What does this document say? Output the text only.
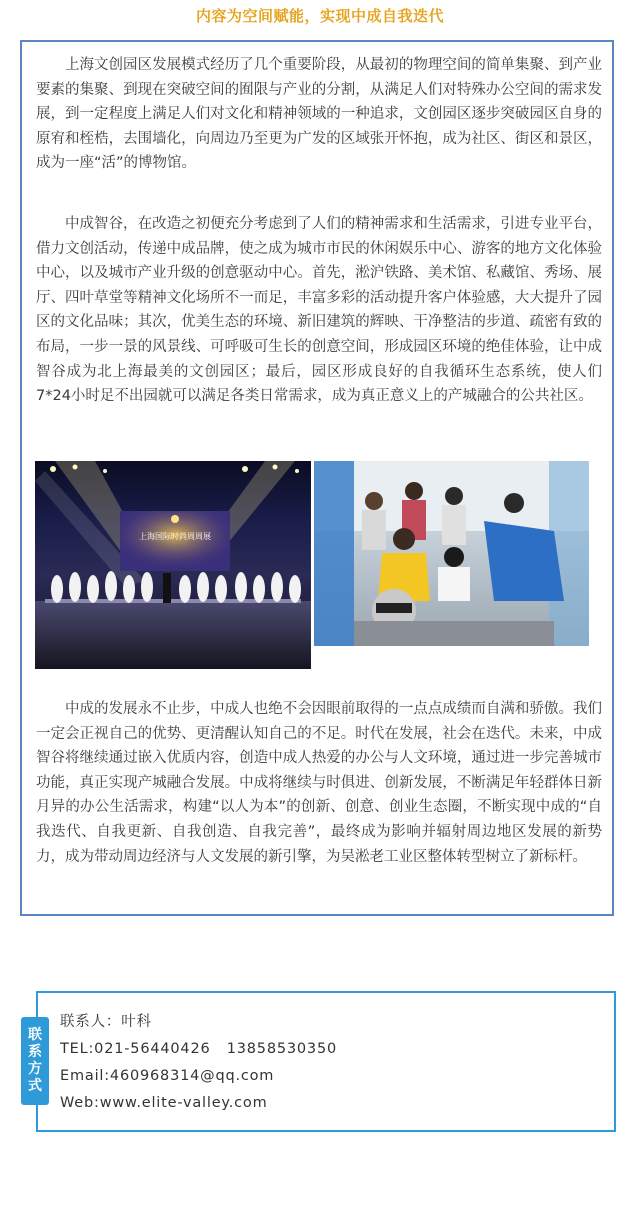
内容为空间赋能，实现中成自我迭代

上海文创园区发展模式经历了几个重要阶段，从最初的物理空间的简单集聚、到产业要素的集聚、到现在突破空间的囿限与产业的分割，从满足人们对特殊办公空间的需求发展，到一定程度上满足人们对文化和精神领域的一种追求，文创园区逐步突破园区自身的原宥和桎梏，去围墙化，向周边乃至更为广发的区域张开怀抱，成为社区、街区和景区，成为一座“活”的博物馆。

中成智谷，在改造之初便充分考虑到了人们的精神需求和生活需求，引进专业平台，借力文创活动，传递中成品牌，使之成为城市市民的休闲娱乐中心、游客的地方文化体验中心，以及城市产业升级的创意驱动中心。首先，淞沪铁路、美术馆、私藏馆、秀场、展厅、四叶草堂等精神文化场所不一而足，丰富多彩的活动提升客户体验感，大大提升了园区的文化品味；其次，优美生态的环境、新旧建筑的辉映、干净整洁的步道、疏密有致的布局，一步一景的风景线、可呼吸可生长的创意空间，形成园区环境的绝佳体验，让中成智谷成为北上海最美的文创园区；最后，园区形成良好的自我循环生态系统，使人们7*24小时足不出园就可以满足各类日常需求，成为真正意义上的产城融合的公共社区。

上海国际时尚周周展

中成的发展永不止步，中成人也绝不会因眼前取得的一点点成绩而自满和骄傲。我们一定会正视自己的优势、更清醒认知自己的不足。时代在发展，社会在迭代。未来，中成智谷将继续通过嵌入优质内容，创造中成人热爱的办公与人文环境，通过进一步完善城市功能，真正实现产城融合发展。中成将继续与时俱进、创新发展，不断满足年轻群体日新月异的办公生活需求，构建“以人为本”的创新、创意、创业生态圈，不断实现中成的“自我迭代、自我更新、自我创造、自我完善”，最终成为影响并辐射周边地区发展的新势力，成为带动周边经济与人文发展的新引擎，为吴淞老工业区整体转型树立了新标杆。

联
系
方
式
联系人：叶科
TEL:021-56440426   13858530350
Email:460968314@qq.com
Web:www.elite-valley.com
